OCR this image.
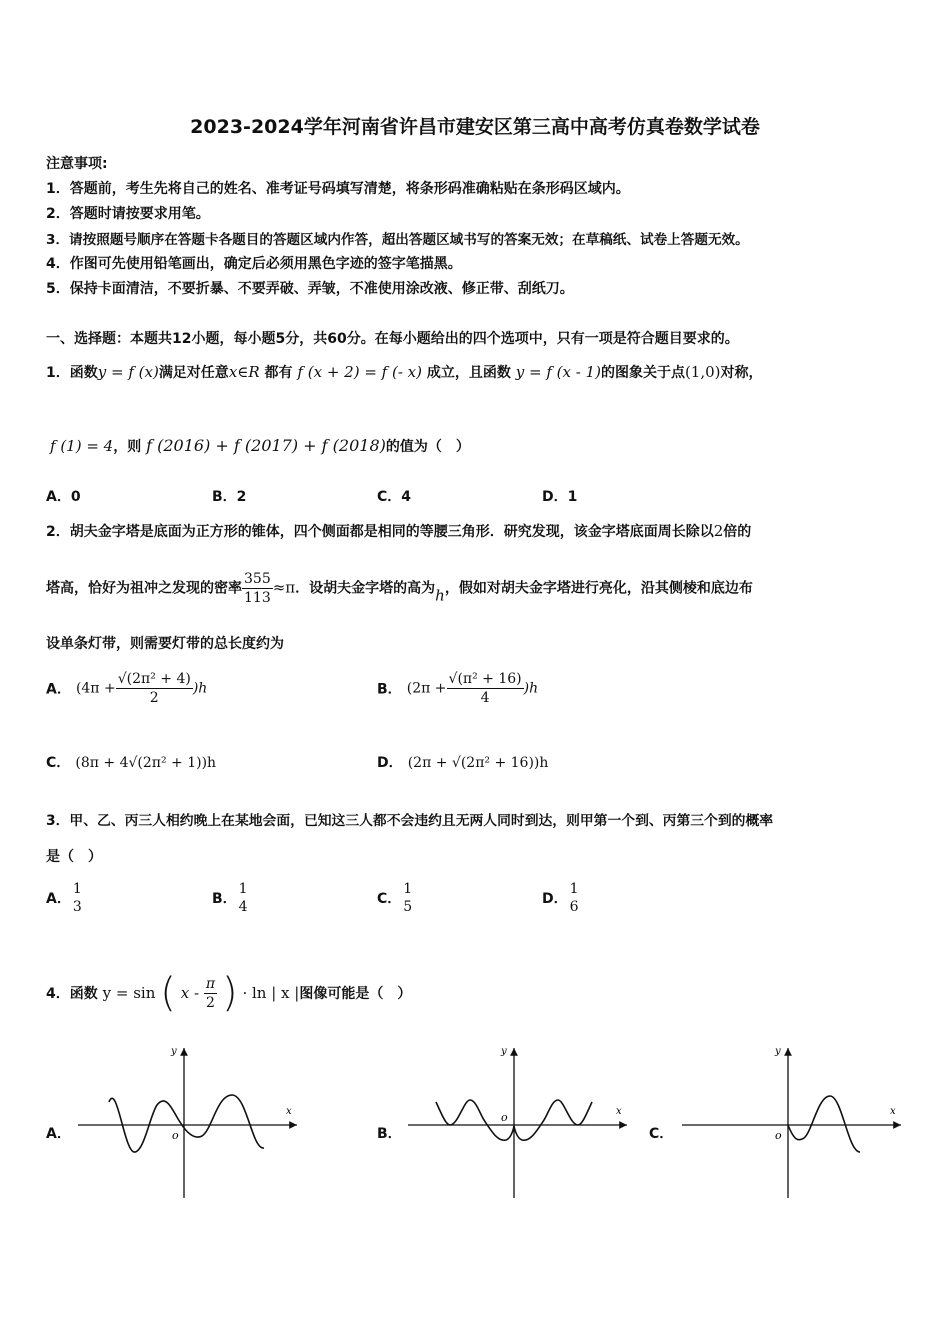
2023-2024学年河南省许昌市建安区第三高中高考仿真卷数学试卷
注意事项:
1．答题前，考生先将自己的姓名、准考证号码填写清楚，将条形码准确粘贴在条形码区域内。
2．答题时请按要求用笔。
3．请按照题号顺序在答题卡各题目的答题区域内作答，超出答题区域书写的答案无效；在草稿纸、试卷上答题无效。
4．作图可先使用铅笔画出，确定后必须用黑色字迹的签字笔描黑。
5．保持卡面清洁，不要折暴、不要弄破、弄皱，不准使用涂改液、修正带、刮纸刀。
一、选择题：本题共12小题，每小题5分，共60分。在每小题给出的四个选项中，只有一项是符合题目要求的。
1．函数y = f (x)满足对任意x∈R 都有 f (x + 2) = f (- x) 成立，且函数 y = f (x - 1)的图象关于点(1,0)对称，
f (1) = 4，则 f (2016) + f (2017) + f (2018)的值为（　）
A．0	B．2	C．4	D．1
2．胡夫金字塔是底面为正方形的锥体，四个侧面都是相同的等腰三角形．研究发现，该金字塔底面周长除以2倍的
塔高，恰好为祖冲之发现的密率 $\frac{355}{113} \approx\pi$．设胡夫金字塔的高为h，假如对胡夫金字塔进行亮化，沿其侧棱和底边布
设单条灯带，则需要灯带的总长度约为
A． $(4\pi + \frac{\text{√(2π² + 4)}}{2} )h$	B． $(2\pi + \frac{\text{√(π² + 16)}}{4} )h$
C． (8π + 4√(2π² + 1))h	D． (2π + √(2π² + 16))h
3．甲、乙、丙三人相约晚上在某地会面，已知这三人都不会违约且无两人同时到达，则甲第一个到、丙第三个到的概率
是（　）
A．
1
3	B．
1
4	C．
1
5	D．
1
6
4．函数 y = sin ( x - $\frac{\pi}{2}$ ) · ln | x |图像可能是（　）
A．
x
y
o	B．
x
y
o
C．
x
y
o
